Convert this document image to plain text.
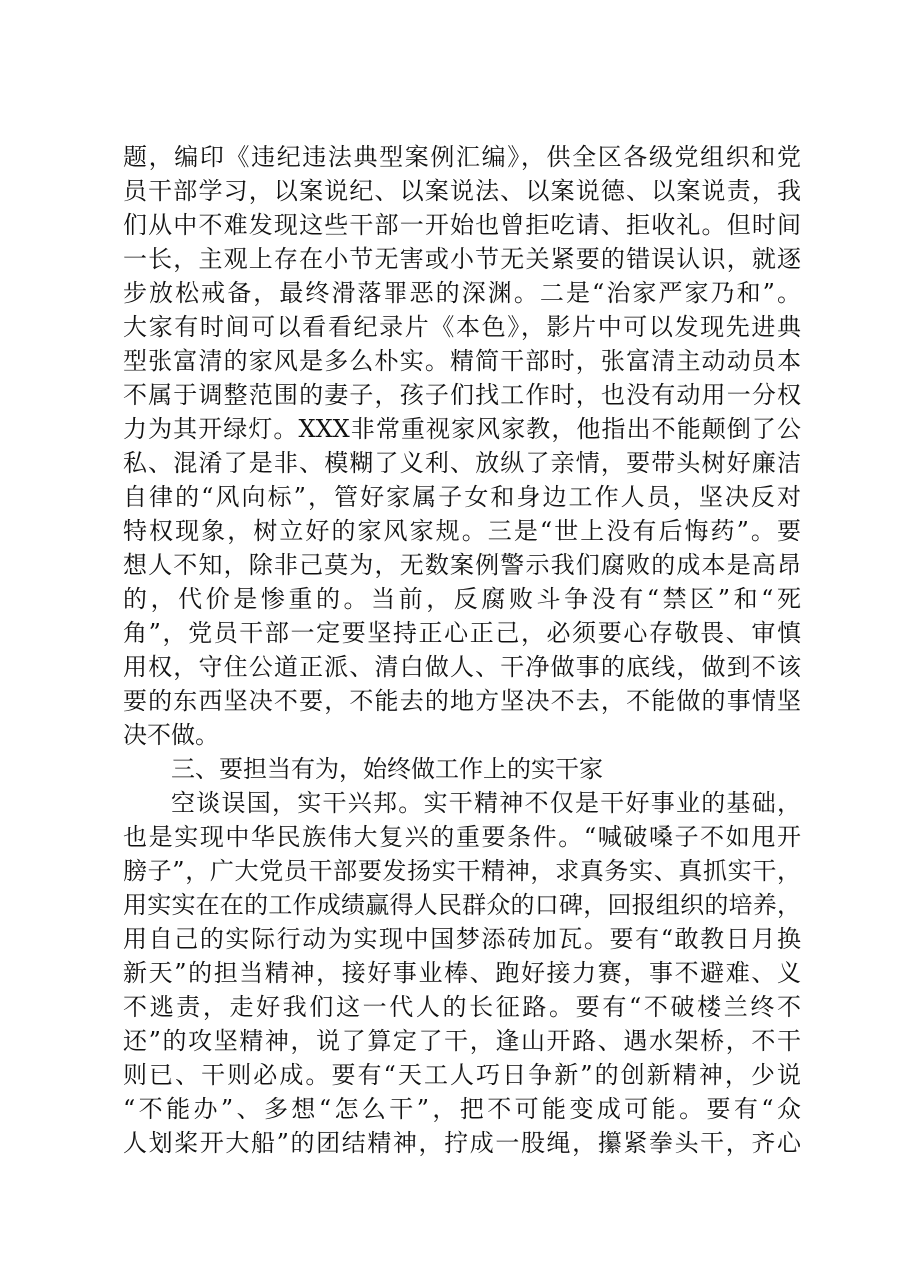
题，编印《违纪违法典型案例汇编》，供全区各级党组织和党
员干部学习，以案说纪、以案说法、以案说德、以案说责，我
们从中不难发现这些干部一开始也曾拒吃请、拒收礼。但时间
一长，主观上存在小节无害或小节无关紧要的错误认识，就逐
步放松戒备，最终滑落罪恶的深渊。二是“治家严家乃和”。
大家有时间可以看看纪录片《本色》，影片中可以发现先进典
型张富清的家风是多么朴实。精简干部时，张富清主动动员本
不属于调整范围的妻子，孩子们找工作时，也没有动用一分权
力为其开绿灯。XXX非常重视家风家教，他指出不能颠倒了公
私、混淆了是非、模糊了义利、放纵了亲情，要带头树好廉洁
自律的“风向标”，管好家属子女和身边工作人员，坚决反对
特权现象，树立好的家风家规。三是“世上没有后悔药”。要
想人不知，除非己莫为，无数案例警示我们腐败的成本是高昂
的，代价是惨重的。当前，反腐败斗争没有“禁区”和“死
角”，党员干部一定要坚持正心正己，必须要心存敬畏、审慎
用权，守住公道正派、清白做人、干净做事的底线，做到不该
要的东西坚决不要，不能去的地方坚决不去，不能做的事情坚
决不做。
三、要担当有为，始终做工作上的实干家
空谈误国，实干兴邦。实干精神不仅是干好事业的基础，
也是实现中华民族伟大复兴的重要条件。“喊破嗓子不如甩开
膀子”，广大党员干部要发扬实干精神，求真务实、真抓实干，
用实实在在的工作成绩赢得人民群众的口碑，回报组织的培养，
用自己的实际行动为实现中国梦添砖加瓦。要有“敢教日月换
新天”的担当精神，接好事业棒、跑好接力赛，事不避难、义
不逃责，走好我们这一代人的长征路。要有“不破楼兰终不
还”的攻坚精神，说了算定了干，逢山开路、遇水架桥，不干
则已、干则必成。要有“天工人巧日争新”的创新精神，少说
“不能办”、多想“怎么干”，把不可能变成可能。要有“众
人划桨开大船”的团结精神，拧成一股绳，攥紧拳头干，齐心
